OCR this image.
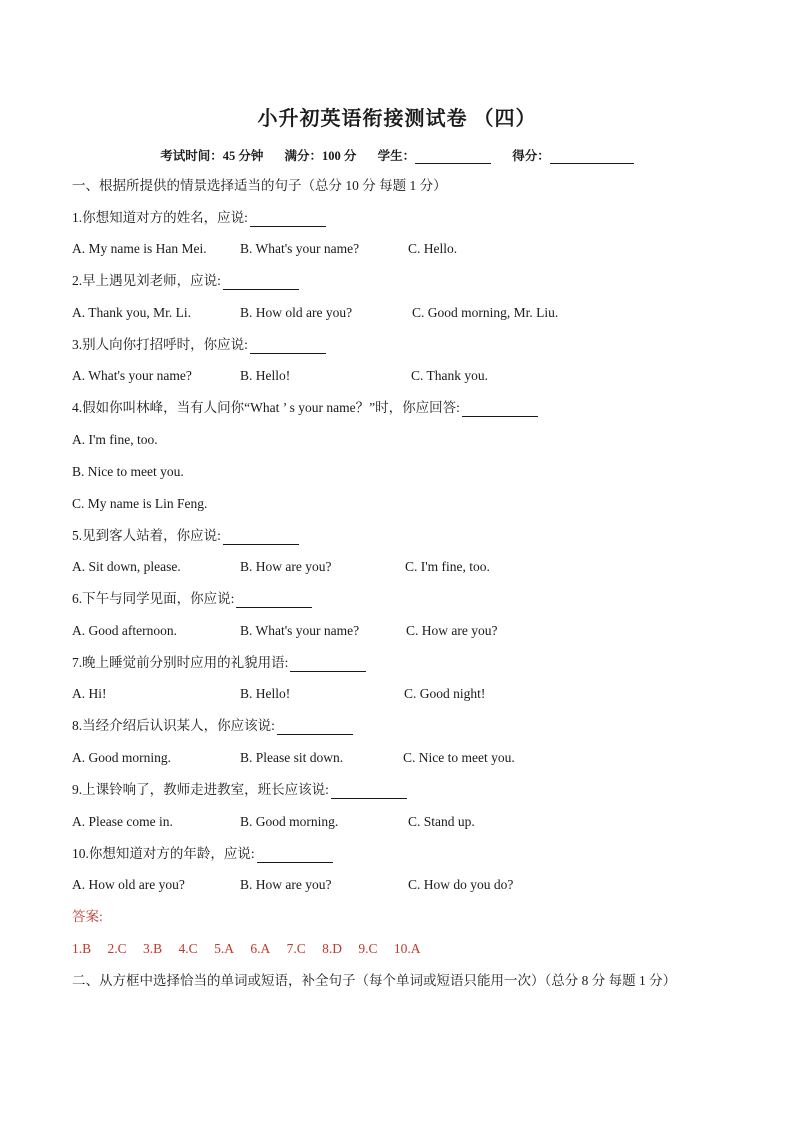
小升初英语衔接测试卷 （四）
考试时间：45 分钟 满分：100 分 学生：	得分：
一、根据所提供的情景选择适当的句子（总分 10 分 每题 1 分）
1.你想知道对方的姓名，应说:
A. My name is Han Mei. B. What's your name?	C. Hello.
2.早上遇见刘老师，应说:
A. Thank you, Mr. Li.	B. How old are you?	C. Good morning, Mr. Liu.
3.别人向你打招呼时，你应说:
A. What's your name?	B. Hello!	C. Thank you.
4.假如你叫林峰，当有人问你“What ’ s your name？”时，你应回答:
A. I'm fine, too.
B. Nice to meet you.
C. My name is Lin Feng.
5.见到客人站着，你应说:
A. Sit down, please.	B. How are you?	C. I'm fine, too.
6.下午与同学见面，你应说:
A. Good afternoon.	B. What's your name?	C. How are you?
7.晚上睡觉前分别时应用的礼貌用语:
A. Hi!	B. Hello!	C. Good night!
8.当经介绍后认识某人，你应该说:
A. Good morning.	B. Please sit down.	C. Nice to meet you.
9.上课铃响了，教师走进教室，班长应该说:
A. Please come in.	B. Good morning.	C. Stand up.
10.你想知道对方的年龄，应说:
A. How old are you?	B. How are you?	C. How do you do?
答案:
1.B 2.C 3.B 4.C 5.A 6.A 7.C 8.D 9.C 10.A
二、从方框中选择恰当的单词或短语，补全句子（每个单词或短语只能用一次）（总分 8 分 每题 1 分）
